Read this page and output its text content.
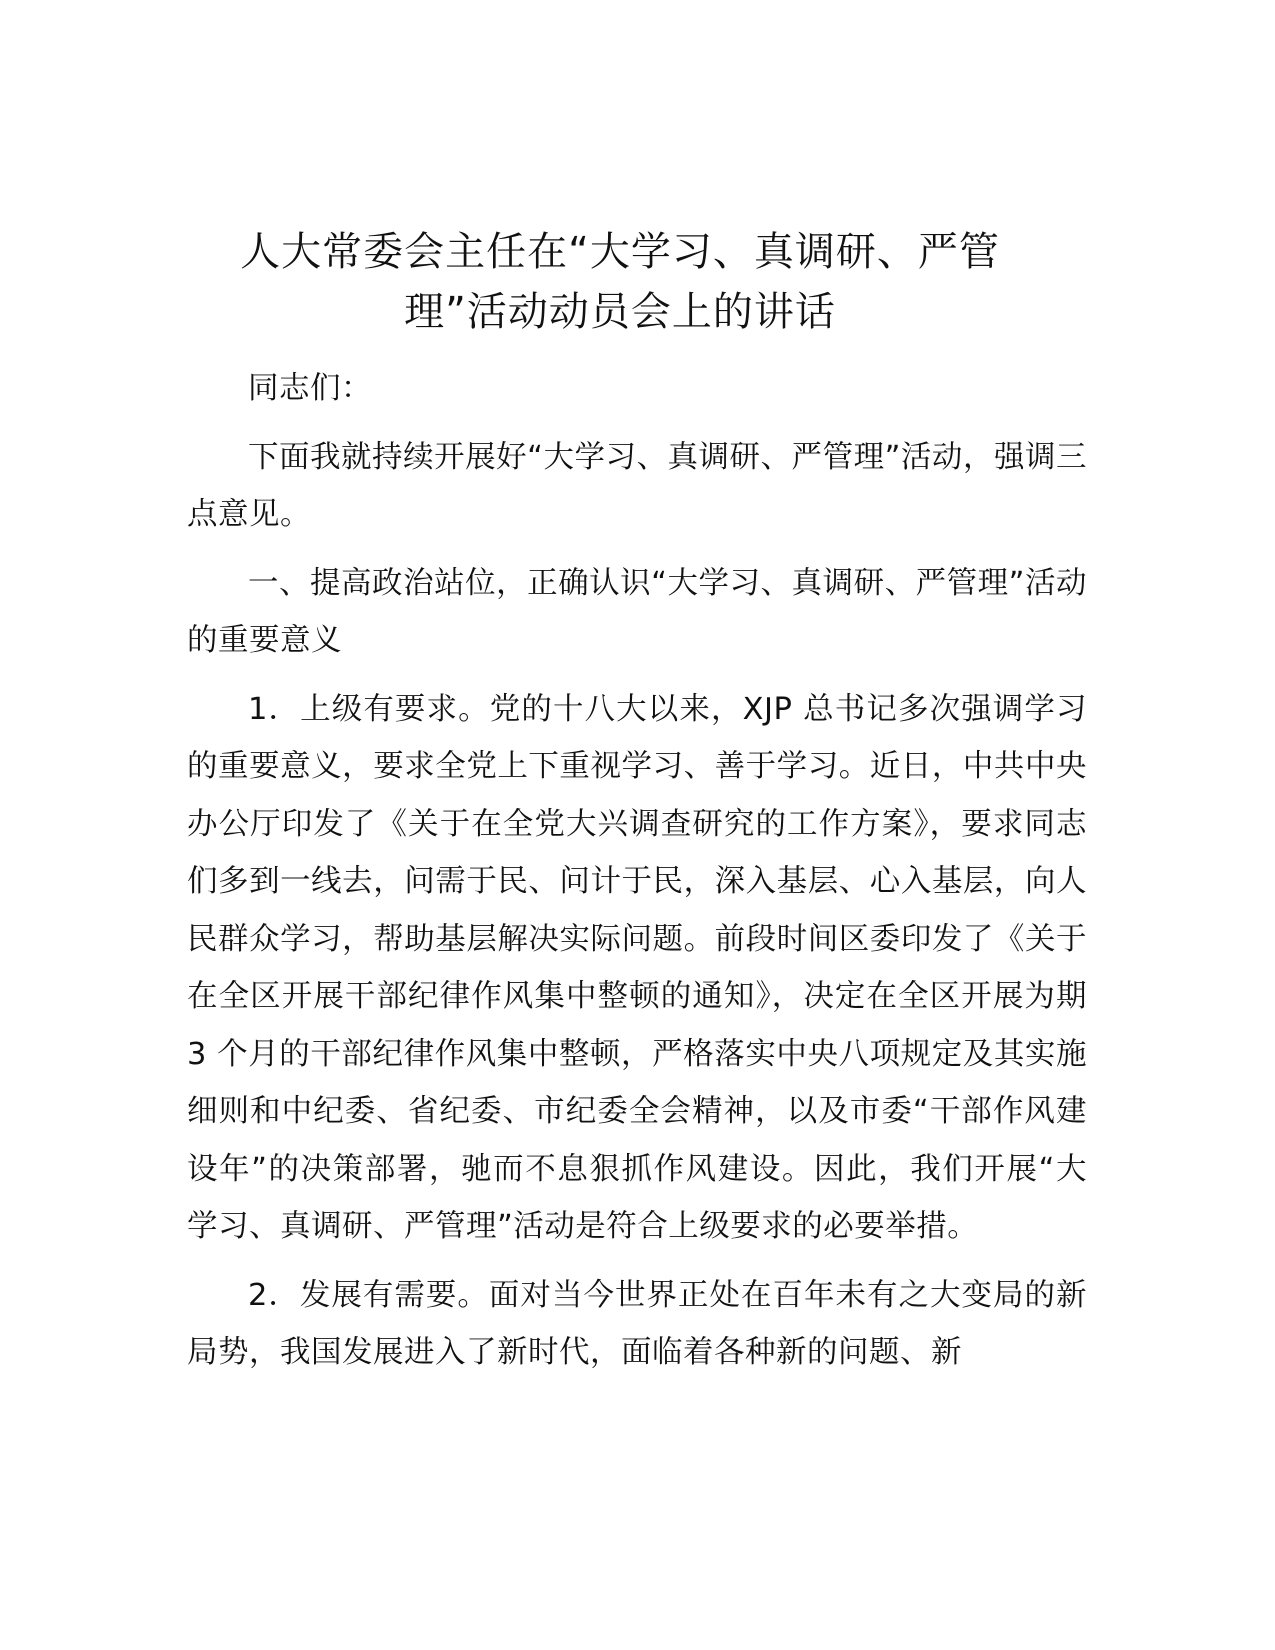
人大常委会主任在“大学习、真调研、严管
理”活动动员会上的讲话

同志们：

下面我就持续开展好“大学习、真调研、严管理”活动，强调三点意见。

一、提高政治站位，正确认识“大学习、真调研、严管理”活动的重要意义

1．上级有要求。党的十八大以来，XJP 总书记多次强调学习的重要意义，要求全党上下重视学习、善于学习。近日，中共中央办公厅印发了《关于在全党大兴调查研究的工作方案》，要求同志们多到一线去，问需于民、问计于民，深入基层、心入基层，向人民群众学习，帮助基层解决实际问题。前段时间区委印发了《关于在全区开展干部纪律作风集中整顿的通知》，决定在全区开展为期 3 个月的干部纪律作风集中整顿，严格落实中央八项规定及其实施细则和中纪委、省纪委、市纪委全会精神，以及市委“干部作风建设年”的决策部署，驰而不息狠抓作风建设。因此，我们开展“大学习、真调研、严管理”活动是符合上级要求的必要举措。

2．发展有需要。面对当今世界正处在百年未有之大变局的新局势，我国发展进入了新时代，面临着各种新的问题、新
